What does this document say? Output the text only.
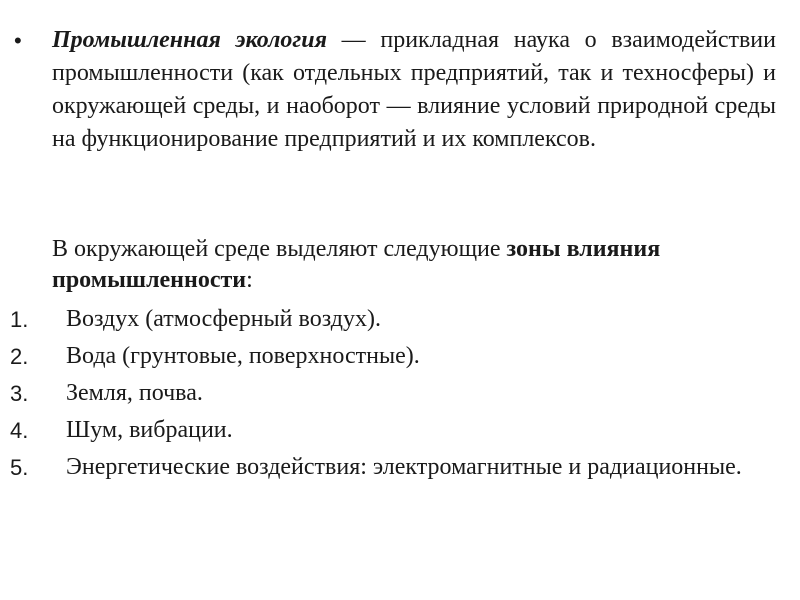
• Промышленная экология — прикладная наука о взаимодействии промышленности (как отдельных предприятий, так и техносферы) и окружающей среды, и наоборот — влияние условий природной среды на функционирование предприятий и их комплексов.

В окружающей среде выделяют следующие зоны влияния промышленности:
1. Воздух (атмосферный воздух).
2. Вода (грунтовые, поверхностные).
3. Земля, почва.
4. Шум, вибрации.
5. Энергетические воздействия: электромагнитные и радиационные.
